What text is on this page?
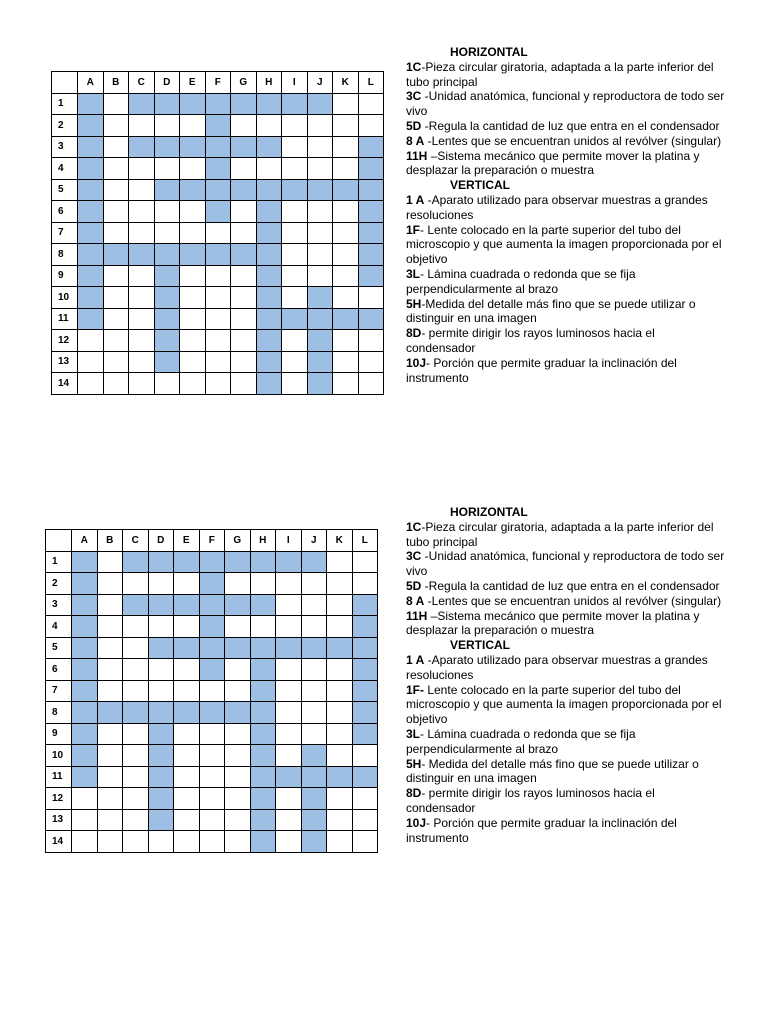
	A	B	C	D	E	F	G	H	I	J	K	L
1												
2												
3												
4												
5												
6												
7												
8												
9												
10												
11												
12												
13												
14												
HORIZONTAL
1C-Pieza circular giratoria, adaptada a la parte inferior del tubo principal
3C -Unidad anatómica, funcional y reproductora de todo ser vivo
5D -Regula la cantidad de luz que entra en el condensador
8 A -Lentes que se encuentran unidos al revólver (singular)
11H –Sistema mecánico que permite mover la platina y desplazar la preparación o muestra
VERTICAL
1 A -Aparato utilizado para observar muestras a grandes resoluciones
1F- Lente colocado en la parte superior del tubo del microscopio y que aumenta la imagen proporcionada por el objetivo
3L- Lámina cuadrada o redonda que se fija perpendicularmente al brazo
5H-Medida del detalle más fino que se puede utilizar o distinguir en una imagen
8D- permite dirigir los rayos luminosos hacia el condensador
10J- Porción que permite graduar la inclinación del instrumento
	A	B	C	D	E	F	G	H	I	J	K	L
1												
2												
3												
4												
5												
6												
7												
8												
9												
10												
11												
12												
13												
14												
HORIZONTAL
1C-Pieza circular giratoria, adaptada a la parte inferior del tubo principal
3C -Unidad anatómica, funcional y reproductora de todo ser vivo
5D -Regula la cantidad de luz que entra en el condensador
8 A -Lentes que se encuentran unidos al revólver (singular)
11H –Sistema mecánico que permite mover la platina y desplazar la preparación o muestra
VERTICAL
1 A -Aparato utilizado para observar muestras a grandes resoluciones
1F- Lente colocado en la parte superior del tubo del microscopio y que aumenta la imagen proporcionada por el objetivo
3L- Lámina cuadrada o redonda que se fija perpendicularmente al brazo
5H- Medida del detalle más fino que se puede utilizar o distinguir en una imagen
8D- permite dirigir los rayos luminosos hacia el condensador
10J- Porción que permite graduar la inclinación del instrumento
